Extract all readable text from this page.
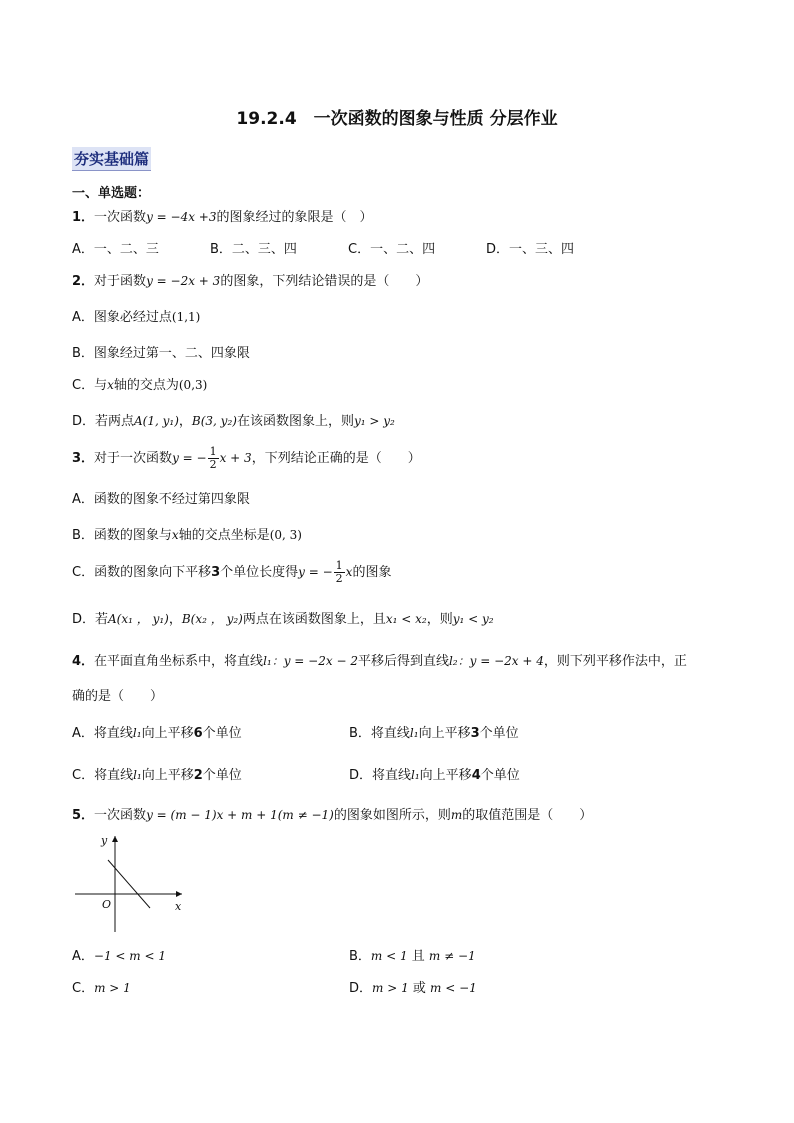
19.2.4　一次函数的图象与性质 分层作业
夯实基础篇
一、单选题：
1．一次函数y = −4x +3的图象经过的象限是（　）
A．一、二、三	B．二、三、四	C．一、二、四	D．一、三、四
2．对于函数y = −2x + 3的图象，下列结论错误的是（　　）
A．图象必经过点(1,1)
B．图象经过第一、二、四象限
C．与x轴的交点为(0,3)
D．若两点A(1, y₁)，B(3, y₂)在该函数图象上，则y₁ > y₂
3．对于一次函数y = − $\frac{1}{2}$ x + 3，下列结论正确的是（　　）
A．函数的图象不经过第四象限
B．函数的图象与x轴的交点坐标是(0, 3)
C．函数的图象向下平移3个单位长度得y = − $\frac{1}{2}$ x的图象
D．若A(x₁ ， y₁)，B(x₂ ， y₂)两点在该函数图象上，且x₁ < x₂，则y₁ < y₂
4．在平面直角坐标系中，将直线l₁：y = −2x − 2平移后得到直线l₂：y = −2x + 4，则下列平移作法中，正
确的是（　　）
A．将直线l₁向上平移6个单位	B．将直线l₁向上平移3个单位
C．将直线l₁向上平移2个单位	D．将直线l₁向上平移4个单位
5．一次函数y = (m − 1)x + m + 1(m ≠ −1)的图象如图所示，则m的取值范围是（　　）
y
x
O
A．−1 < m < 1	B．m < 1 且 m ≠ −1
C．m > 1	D．m > 1 或 m < −1
